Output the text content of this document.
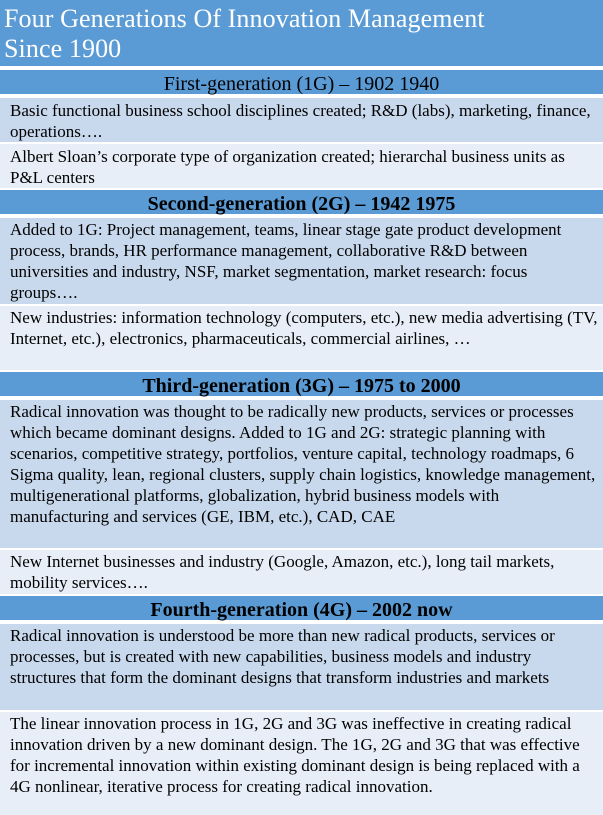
Four Generations Of Innovation Management
Since 1900
First-generation (1G) – 1902 1940
Basic functional business school disciplines created; R&D (labs), marketing, finance, operations….
Albert Sloan’s corporate type of organization created; hierarchal business units as P&L centers
Second-generation (2G) – 1942 1975
Added to 1G: Project management, teams, linear stage gate product development process, brands, HR performance management, collaborative R&D between universities and industry, NSF, market segmentation, market research: focus groups….
New industries: information technology (computers, etc.), new media advertising (TV, Internet, etc.), electronics, pharmaceuticals, commercial airlines, …
Third-generation (3G) – 1975 to 2000
Radical innovation was thought to be radically new products, services or processes which became dominant designs. Added to 1G and 2G: strategic planning with scenarios, competitive strategy, portfolios, venture capital, technology roadmaps, 6 Sigma quality, lean, regional clusters, supply chain logistics, knowledge management, multigenerational platforms, globalization, hybrid business models with manufacturing and services (GE, IBM, etc.), CAD, CAE
New Internet businesses and industry (Google, Amazon, etc.), long tail markets, mobility services….
Fourth-generation (4G) – 2002 now
Radical innovation is understood be more than new radical products, services or processes, but is created with new capabilities, business models and industry structures that form the dominant designs that transform industries and markets
The linear innovation process in 1G, 2G and 3G was ineffective in creating radical innovation driven by a new dominant design. The 1G, 2G and 3G that was effective for incremental innovation within existing dominant design is being replaced with a 4G nonlinear, iterative process for creating radical innovation.
